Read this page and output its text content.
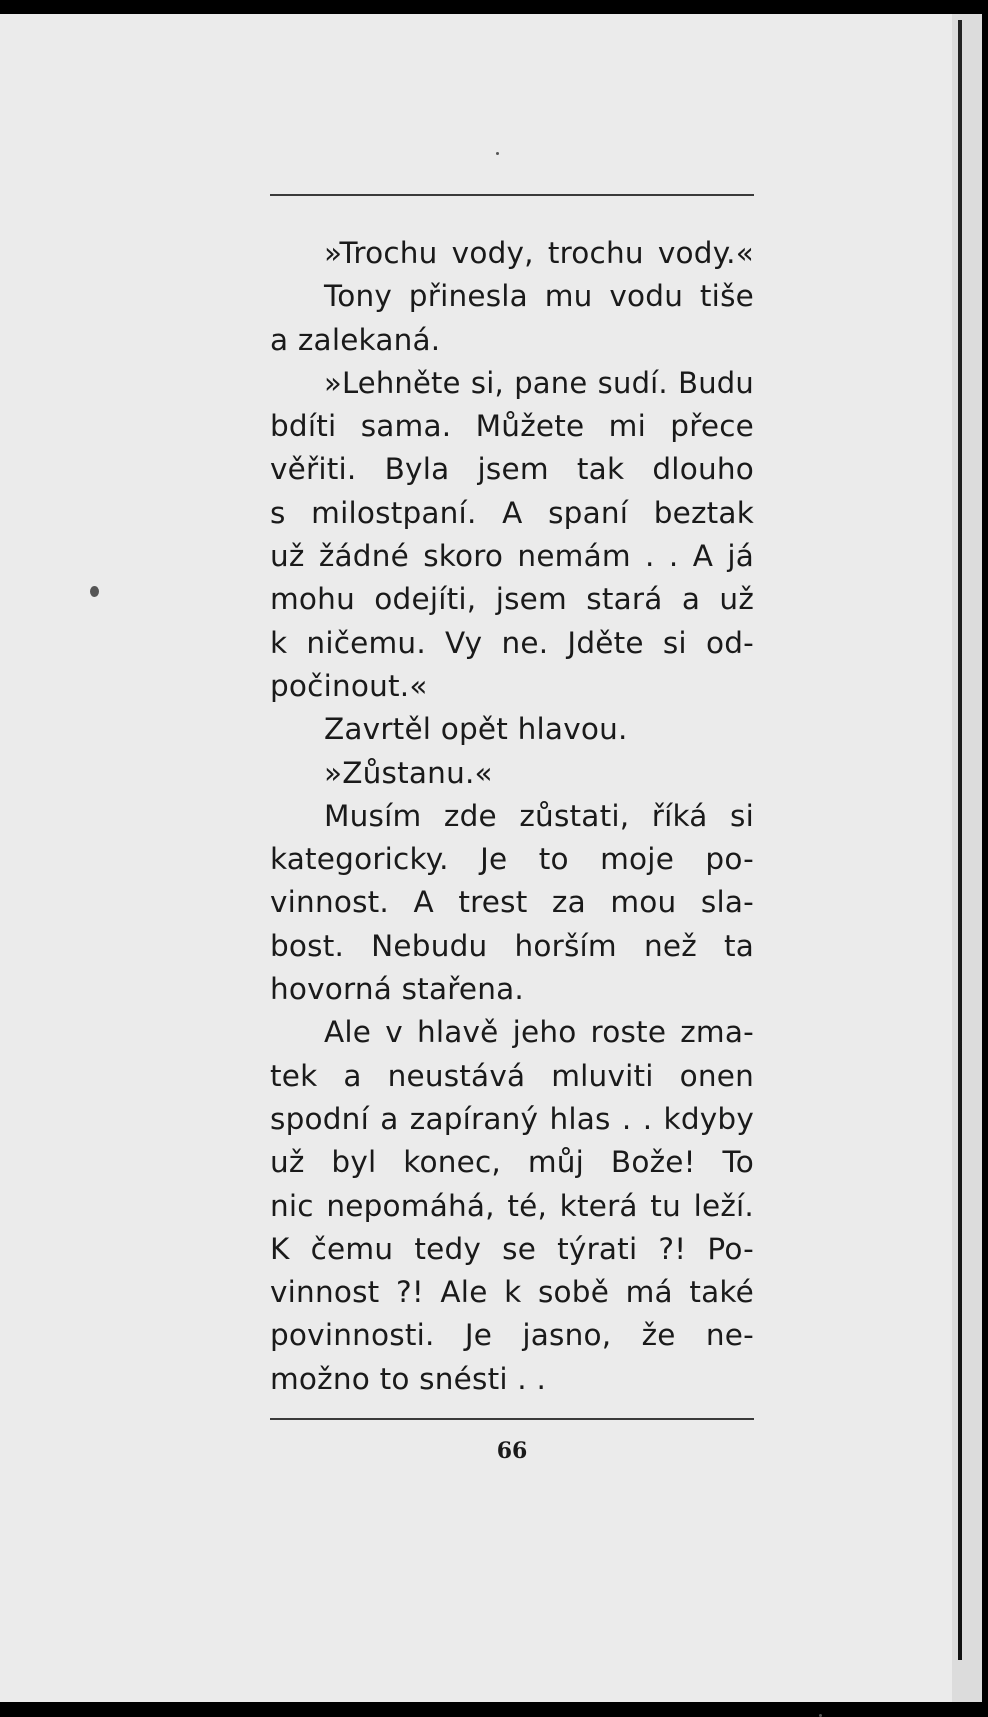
»Trochu vody, trochu vody.«
Tony přinesla mu vodu tiše
a zalekaná.
»Lehněte si, pane sudí. Budu
bdíti sama. Můžete mi přece
věřiti. Byla jsem tak dlouho
s milostpaní. A spaní beztak
už žádné skoro nemám . . A já
mohu odejíti, jsem stará a už
k ničemu. Vy ne. Jděte si od-
počinout.«
Zavrtěl opět hlavou.
»Zůstanu.«
Musím zde zůstati, říká si
kategoricky. Je to moje po-
vinnost. A trest za mou sla-
bost. Nebudu horším než ta
hovorná stařena.
Ale v hlavě jeho roste zma-
tek a neustává mluviti onen
spodní a zapíraný hlas . . kdyby
už byl konec, můj Bože! To
nic nepomáhá, té, která tu leží.
K čemu tedy se týrati ?! Po-
vinnost ?! Ale k sobě má také
povinnosti. Je jasno, že ne-
možno to snésti . .
66
